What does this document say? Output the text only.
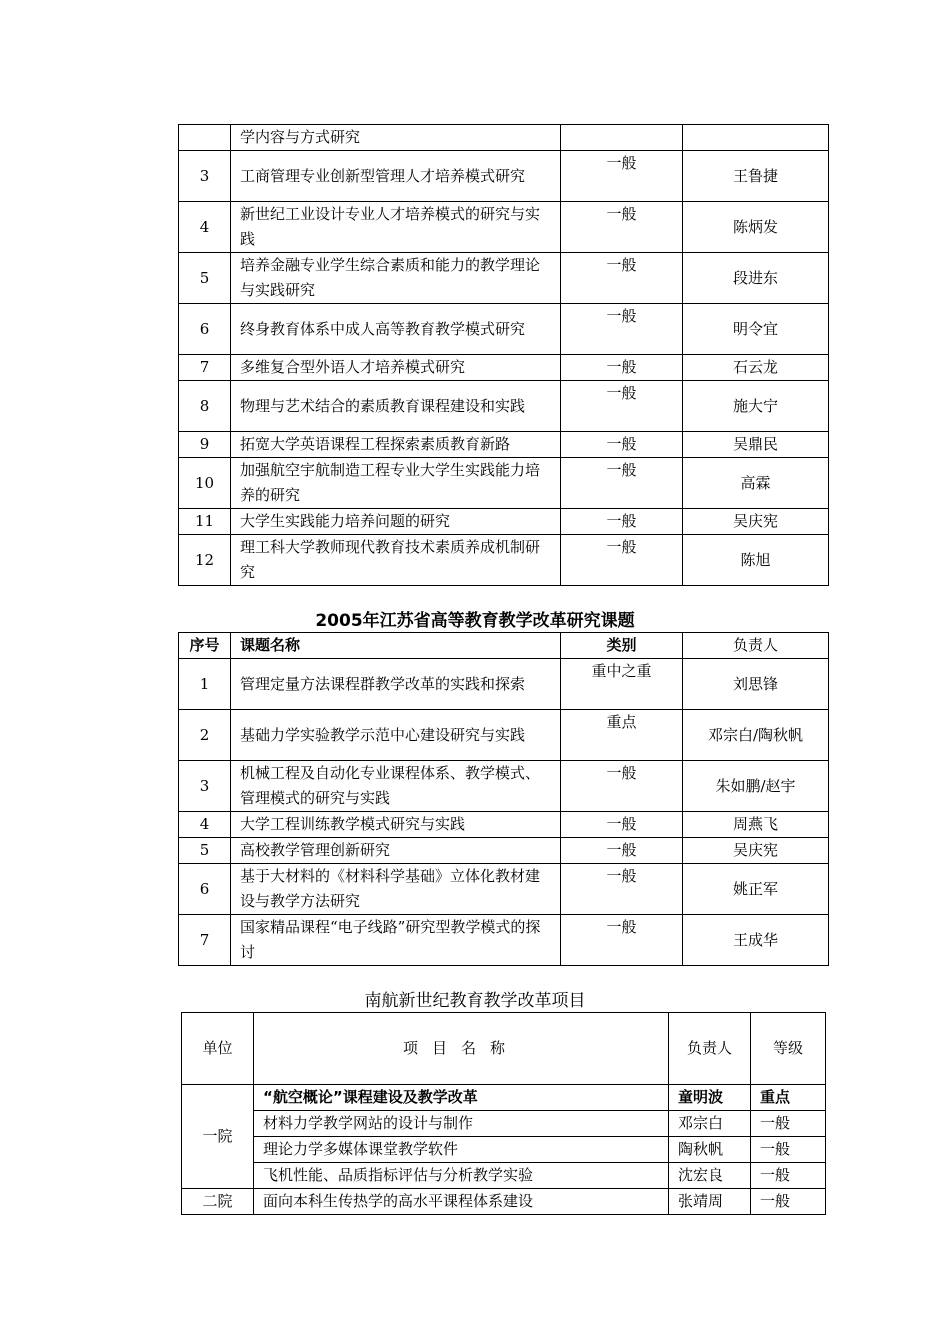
	学内容与方式研究		
3	工商管理专业创新型管理人才培养模式研究	一般	王鲁捷
4	新世纪工业设计专业人才培养模式的研究与实践	一般	陈炳发
5	培养金融专业学生综合素质和能力的教学理论与实践研究	一般	段进东
6	终身教育体系中成人高等教育教学模式研究	一般	明令宜
7	多维复合型外语人才培养模式研究	一般	石云龙
8	物理与艺术结合的素质教育课程建设和实践	一般	施大宁
9	拓宽大学英语课程工程探索素质教育新路	一般	吴鼎民
10	加强航空宇航制造工程专业大学生实践能力培养的研究	一般	高霖
11	大学生实践能力培养问题的研究	一般	吴庆宪
12	理工科大学教师现代教育技术素质养成机制研究	一般	陈旭
2005年江苏省高等教育教学改革研究课题
序号	课题名称	类别	负责人
1	管理定量方法课程群教学改革的实践和探索	重中之重	刘思锋
2	基础力学实验教学示范中心建设研究与实践	重点	邓宗白/陶秋帆
3	机械工程及自动化专业课程体系、教学模式、管理模式的研究与实践	一般	朱如鹏/赵宇
4	大学工程训练教学模式研究与实践	一般	周燕飞
5	高校教学管理创新研究	一般	吴庆宪
6	基于大材料的《材料科学基础》立体化教材建设与教学方法研究	一般	姚正军
7	国家精品课程“电子线路”研究型教学模式的探讨	一般	王成华
南航新世纪教育教学改革项目
单位	项目名称	负责人	等级
一院	“航空概论”课程建设及教学改革	童明波	重点
	材料力学教学网站的设计与制作	邓宗白	一般
	理论力学多媒体课堂教学软件	陶秋帆	一般
	飞机性能、品质指标评估与分析教学实验	沈宏良	一般
二院	面向本科生传热学的高水平课程体系建设	张靖周	一般
